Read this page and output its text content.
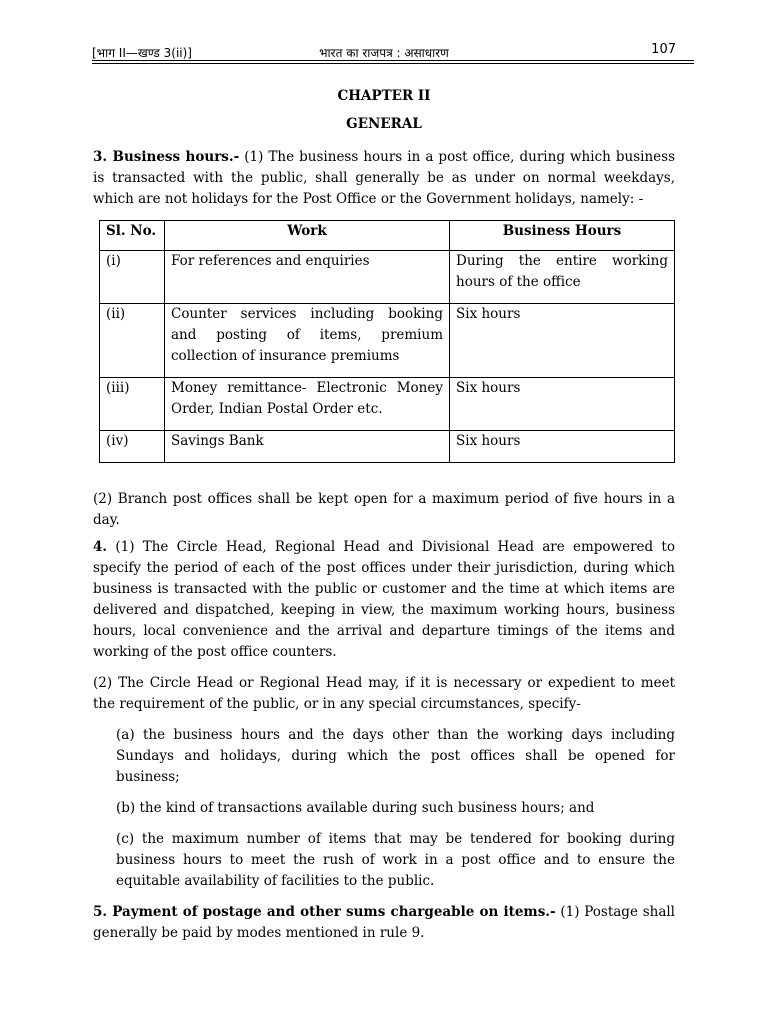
[भाग II—खण्ड 3(ii)]	भारत का राजपत्र : असाधारण	107
CHAPTER II
GENERAL

3. Business hours.- (1) The business hours in a post office, during which business is transacted with the public, shall generally be as under on normal weekdays, which are not holidays for the Post Office or the Government holidays, namely: -

Sl. No.	Work	Business Hours
(i)	For references and enquiries	During the entire working hours of the office
(ii)	Counter services including booking and posting of items, premium collection of insurance premiums	Six hours
(iii)	Money remittance- Electronic Money Order, Indian Postal Order etc.	Six hours
(iv)	Savings Bank	Six hours

(2) Branch post offices shall be kept open for a maximum period of five hours in a day.

4. (1) The Circle Head, Regional Head and Divisional Head are empowered to specify the period of each of the post offices under their jurisdiction, during which business is transacted with the public or customer and the time at which items are delivered and dispatched, keeping in view, the maximum working hours, business hours, local convenience and the arrival and departure timings of the items and working of the post office counters.

(2) The Circle Head or Regional Head may, if it is necessary or expedient to meet the requirement of the public, or in any special circumstances, specify-

(a) the business hours and the days other than the working days including Sundays and holidays, during which the post offices shall be opened for business;

(b) the kind of transactions available during such business hours; and

(c) the maximum number of items that may be tendered for booking during business hours to meet the rush of work in a post office and to ensure the equitable availability of facilities to the public.

5. Payment of postage and other sums chargeable on items.- (1) Postage shall generally be paid by modes mentioned in rule 9.
